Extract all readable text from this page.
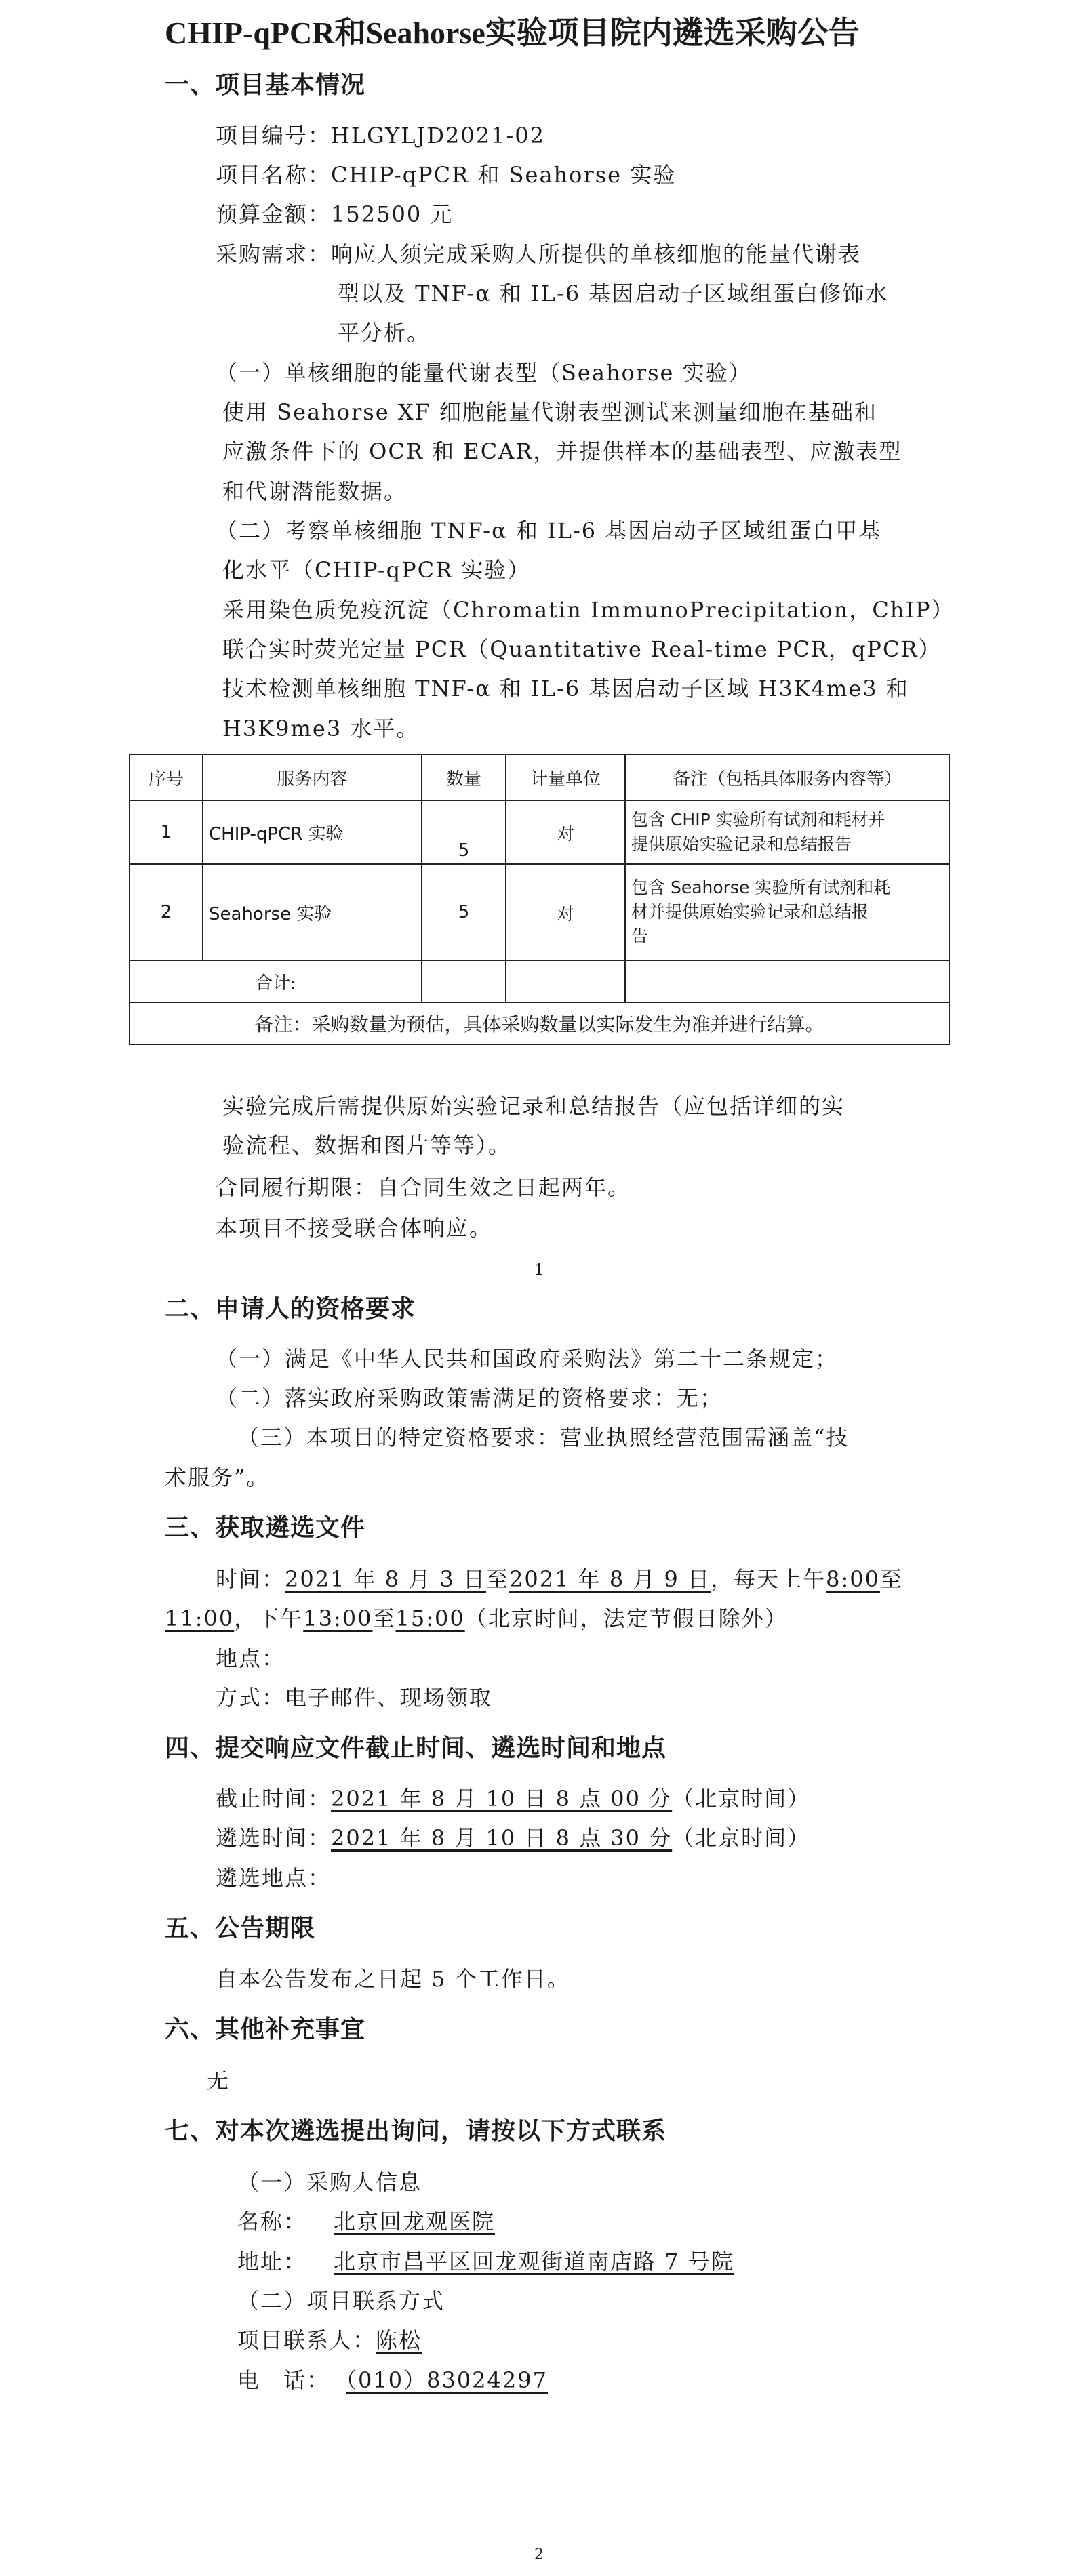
CHIP-qPCR和Seahorse实验项目院内遴选采购公告
一、项目基本情况
项目编号：HLGYLJD2021-02
项目名称：CHIP-qPCR 和 Seahorse 实验
预算金额：152500 元
采购需求：响应人须完成采购人所提供的单核细胞的能量代谢表
型以及 TNF-α 和 IL-6 基因启动子区域组蛋白修饰水
平分析。
（一）单核细胞的能量代谢表型（Seahorse 实验）
使用 Seahorse XF 细胞能量代谢表型测试来测量细胞在基础和
应激条件下的 OCR 和 ECAR，并提供样本的基础表型、应激表型
和代谢潜能数据。
（二）考察单核细胞 TNF-α 和 IL-6 基因启动子区域组蛋白甲基
化水平（CHIP-qPCR 实验）
采用染色质免疫沉淀（Chromatin ImmunoPrecipitation，ChIP）
联合实时荧光定量 PCR（Quantitative Real-time PCR，qPCR）
技术检测单核细胞 TNF-α 和 IL-6 基因启动子区域 H3K4me3 和
H3K9me3 水平。
序号	服务内容	数量	计量单位	备注（包括具体服务内容等）
1	CHIP-qPCR 实验	5	对	包含 CHIP 实验所有试剂和耗材并
提供原始实验记录和总结报告

2	Seahorse 实验	5	对	包含 Seahorse 实验所有试剂和耗
材并提供原始实验记录和总结报
告

合计:				
备注：采购数量为预估，具体采购数量以实际发生为准并进行结算。				
实验完成后需提供原始实验记录和总结报告（应包括详细的实
验流程、数据和图片等等）。
合同履行期限：自合同生效之日起两年。
本项目不接受联合体响应。
1
二、申请人的资格要求
（一）满足《中华人民共和国政府采购法》第二十二条规定；
（二）落实政府采购政策需满足的资格要求：无；
（三）本项目的特定资格要求：营业执照经营范围需涵盖“技
术服务”。
三、获取遴选文件
时间：2021 年 8 月 3 日至2021 年 8 月 9 日，每天上午8:00至
11:00，下午13:00至15:00（北京时间，法定节假日除外）
地点：
方式：电子邮件、现场领取
四、提交响应文件截止时间、遴选时间和地点
截止时间：2021 年 8 月 10 日 8 点 00 分（北京时间）
遴选时间：2021 年 8 月 10 日 8 点 30 分（北京时间）
遴选地点：
五、公告期限
自本公告发布之日起 5 个工作日。
六、其他补充事宜
无
七、对本次遴选提出询问，请按以下方式联系
（一）采购人信息
名称： 北京回龙观医院
地址： 北京市昌平区回龙观街道南店路 7 号院
（二）项目联系方式
项目联系人：陈松
电　话： （010）83024297
2
